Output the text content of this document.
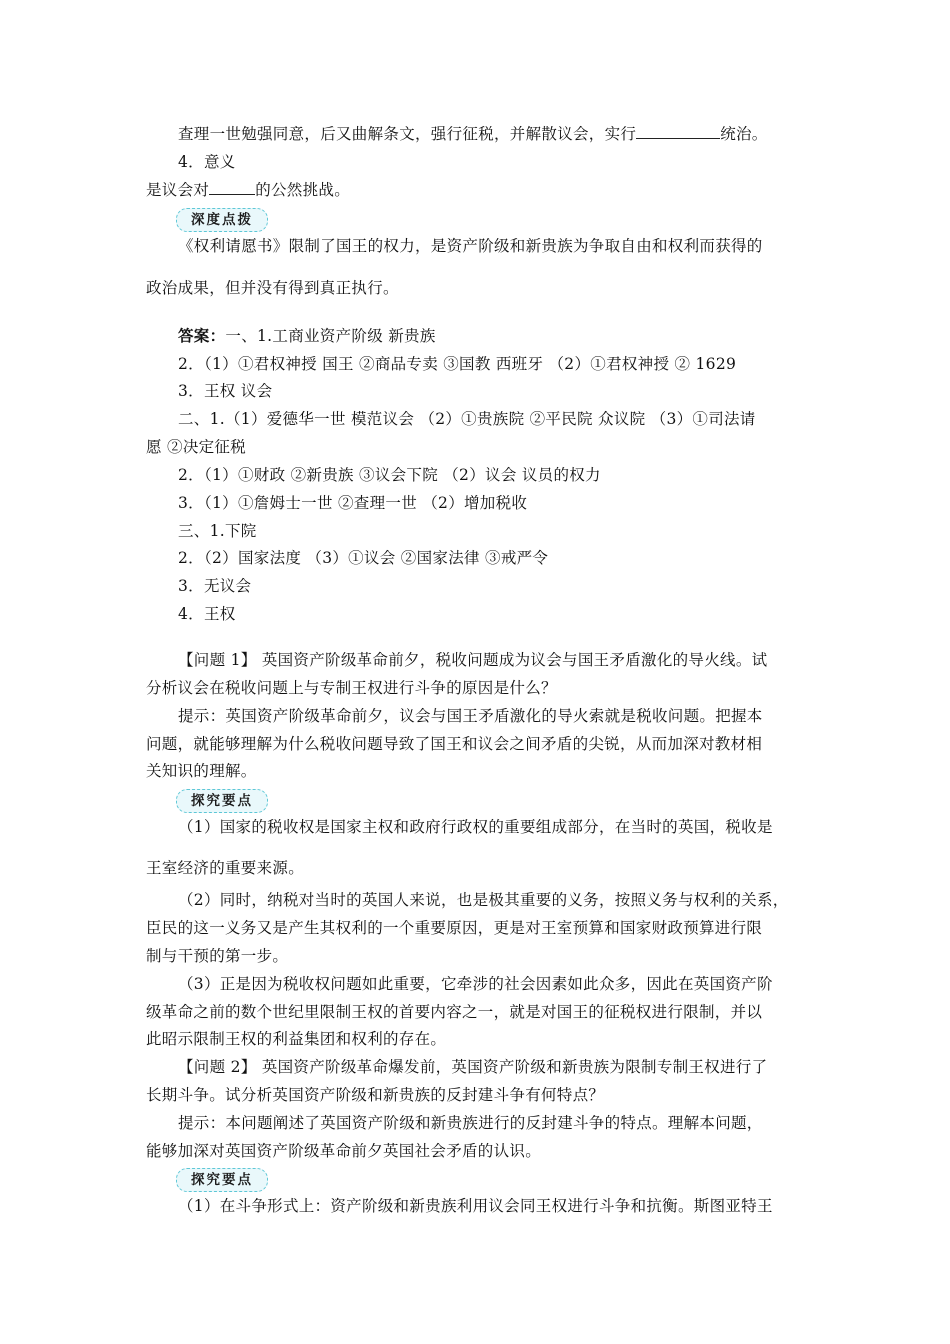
查理一世勉强同意，后又曲解条文，强行征税，并解散议会，实行	统治。
4．意义
是议会对	的公然挑战。
深度点拨
《权利请愿书》限制了国王的权力，是资产阶级和新贵族为争取自由和权利而获得的
政治成果，但并没有得到真正执行。
答案：一、1.工商业资产阶级 新贵族
2．（1）①君权神授 国王 ②商品专卖 ③国教 西班牙 （2）①君权神授 ② 1629
3．王权 议会
二、1.（1）爱德华一世 模范议会 （2）①贵族院 ②平民院 众议院 （3）①司法请
愿 ②决定征税
2．（1）①财政 ②新贵族 ③议会下院 （2）议会 议员的权力
3．（1）①詹姆士一世 ②查理一世 （2）增加税收
三、1.下院
2．（2）国家法度 （3）①议会 ②国家法律 ③戒严令
3．无议会
4．王权
【问题 1】 英国资产阶级革命前夕，税收问题成为议会与国王矛盾激化的导火线。试
分析议会在税收问题上与专制王权进行斗争的原因是什么？
提示：英国资产阶级革命前夕，议会与国王矛盾激化的导火索就是税收问题。把握本
问题，就能够理解为什么税收问题导致了国王和议会之间矛盾的尖锐，从而加深对教材相
关知识的理解。
探究要点
（1）国家的税收权是国家主权和政府行政权的重要组成部分，在当时的英国，税收是
王室经济的重要来源。
（2）同时，纳税对当时的英国人来说，也是极其重要的义务，按照义务与权利的关系，
臣民的这一义务又是产生其权利的一个重要原因，更是对王室预算和国家财政预算进行限
制与干预的第一步。
（3）正是因为税收权问题如此重要，它牵涉的社会因素如此众多，因此在英国资产阶
级革命之前的数个世纪里限制王权的首要内容之一，就是对国王的征税权进行限制，并以
此昭示限制王权的利益集团和权利的存在。
【问题 2】 英国资产阶级革命爆发前，英国资产阶级和新贵族为限制专制王权进行了
长期斗争。试分析英国资产阶级和新贵族的反封建斗争有何特点？
提示：本问题阐述了英国资产阶级和新贵族进行的反封建斗争的特点。理解本问题，
能够加深对英国资产阶级革命前夕英国社会矛盾的认识。
探究要点
（1）在斗争形式上：资产阶级和新贵族利用议会同王权进行斗争和抗衡。斯图亚特王
